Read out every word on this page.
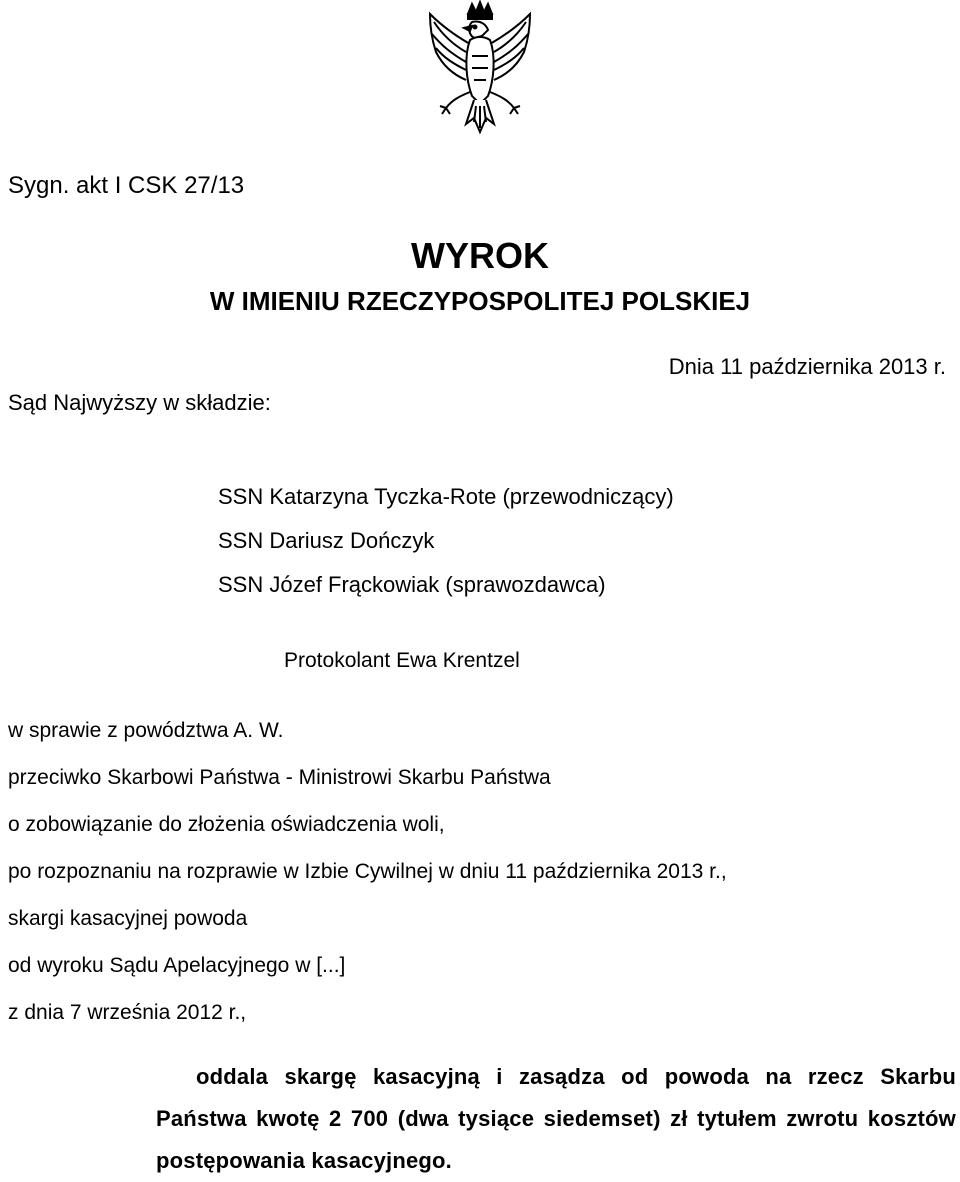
Sygn. akt I CSK 27/13
WYROK
W IMIENIU RZECZYPOSPOLITEJ POLSKIEJ
Dnia 11 października 2013 r.
Sąd Najwyższy w składzie:
SSN Katarzyna Tyczka-Rote (przewodniczący)
SSN Dariusz Dończyk
SSN Józef Frąckowiak (sprawozdawca)
Protokolant Ewa Krentzel
w sprawie z powództwa A. W.
przeciwko Skarbowi Państwa - Ministrowi Skarbu Państwa
o zobowiązanie do złożenia oświadczenia woli,
po rozpoznaniu na rozprawie w Izbie Cywilnej w dniu 11 października 2013 r.,
skargi kasacyjnej powoda
od wyroku Sądu Apelacyjnego w [...]
z dnia 7 września 2012 r.,
oddala skargę kasacyjną i zasądza od powoda na rzecz Skarbu Państwa kwotę 2 700 (dwa tysiące siedemset) zł tytułem zwrotu kosztów postępowania kasacyjnego.
